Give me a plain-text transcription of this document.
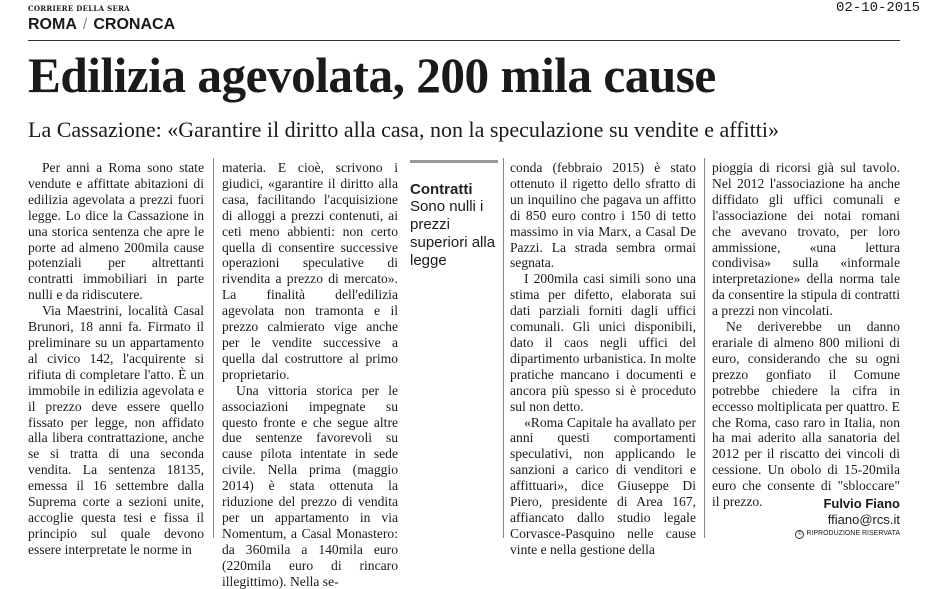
CORRIERE DELLA SERA	02-10-2015
ROMA / CRONACA
Edilizia agevolata, 200 mila cause
La Cassazione: «Garantire il diritto alla casa, non la speculazione su vendite e affitti»

Per anni a Roma sono state vendute e affittate abitazioni di edilizia agevolata a prezzi fuori legge. Lo dice la Cassazione in una storica sentenza che apre le porte ad almeno 200mila cause potenziali per altrettanti contratti immobiliari in parte nulli e da ridiscutere.

Via Maestrini, località Casal Brunori, 18 anni fa. Firmato il preliminare su un appartamento al civico 142, l'acquirente si rifiuta di completare l'atto. È un immobile in edilizia agevolata e il prezzo deve essere quello fissato per legge, non affidato alla libera contrattazione, anche se si tratta di una seconda vendita. La sentenza 18135, emessa il 16 settembre dalla Suprema corte a sezioni unite, accoglie questa tesi e fissa il principio sul quale devono essere interpretate le norme in

materia. E cioè, scrivono i giudici, «garantire il diritto alla casa, facilitando l'acquisizione di alloggi a prezzi contenuti, ai ceti meno abbienti: non certo quella di consentire successive operazioni speculative di rivendita a prezzo di mercato». La finalità dell'edilizia agevolata non tramonta e il prezzo calmierato vige anche per le vendite successive a quella dal costruttore al primo proprietario.

Una vittoria storica per le associazioni impegnate su questo fronte e che segue altre due sentenze favorevoli su cause pilota intentate in sede civile. Nella prima (maggio 2014) è stata ottenuta la riduzione del prezzo di vendita per un appartamento in via Nomentum, a Casal Monastero: da 360mila a 140mila euro (220mila euro di rincaro illegittimo). Nella se-

Contratti
Sono nulli i prezzi superiori alla legge

conda (febbraio 2015) è stato ottenuto il rigetto dello sfratto di un inquilino che pagava un affitto di 850 euro contro i 150 di tetto massimo in via Marx, a Casal De Pazzi. La strada sembra ormai segnata.

I 200mila casi simili sono una stima per difetto, elaborata sui dati parziali forniti dagli uffici comunali. Gli unici disponibili, dato il caos negli uffici del dipartimento urbanistica. In molte pratiche mancano i documenti e ancora più spesso si è proceduto sul non detto.

«Roma Capitale ha avallato per anni questi comportamenti speculativi, non applicando le sanzioni a carico di venditori e affittuari», dice Giuseppe Di Piero, presidente di Area 167, affiancato dallo studio legale Corvasce-Pasquino nelle cause vinte e nella gestione della

pioggia di ricorsi già sul tavolo. Nel 2012 l'associazione ha anche diffidato gli uffici comunali e l'associazione dei notai romani che avevano trovato, per loro ammissione, «una lettura condivisa» sulla «informale interpretazione» della norma tale da consentire la stipula di contratti a prezzi non vincolati.

Ne deriverebbe un danno erariale di almeno 800 milioni di euro, considerando che su ogni prezzo gonfiato il Comune potrebbe chiedere la cifra in eccesso moltiplicata per quattro. E che Roma, caso raro in Italia, non ha mai aderito alla sanatoria del 2012 per il riscatto dei vincoli di cessione. Un obolo di 15-20mila euro che consente di "sbloccare" il prezzo.	Fulvio Fiano
ffiano@rcs.it
© RIPRODUZIONE RISERVATA
